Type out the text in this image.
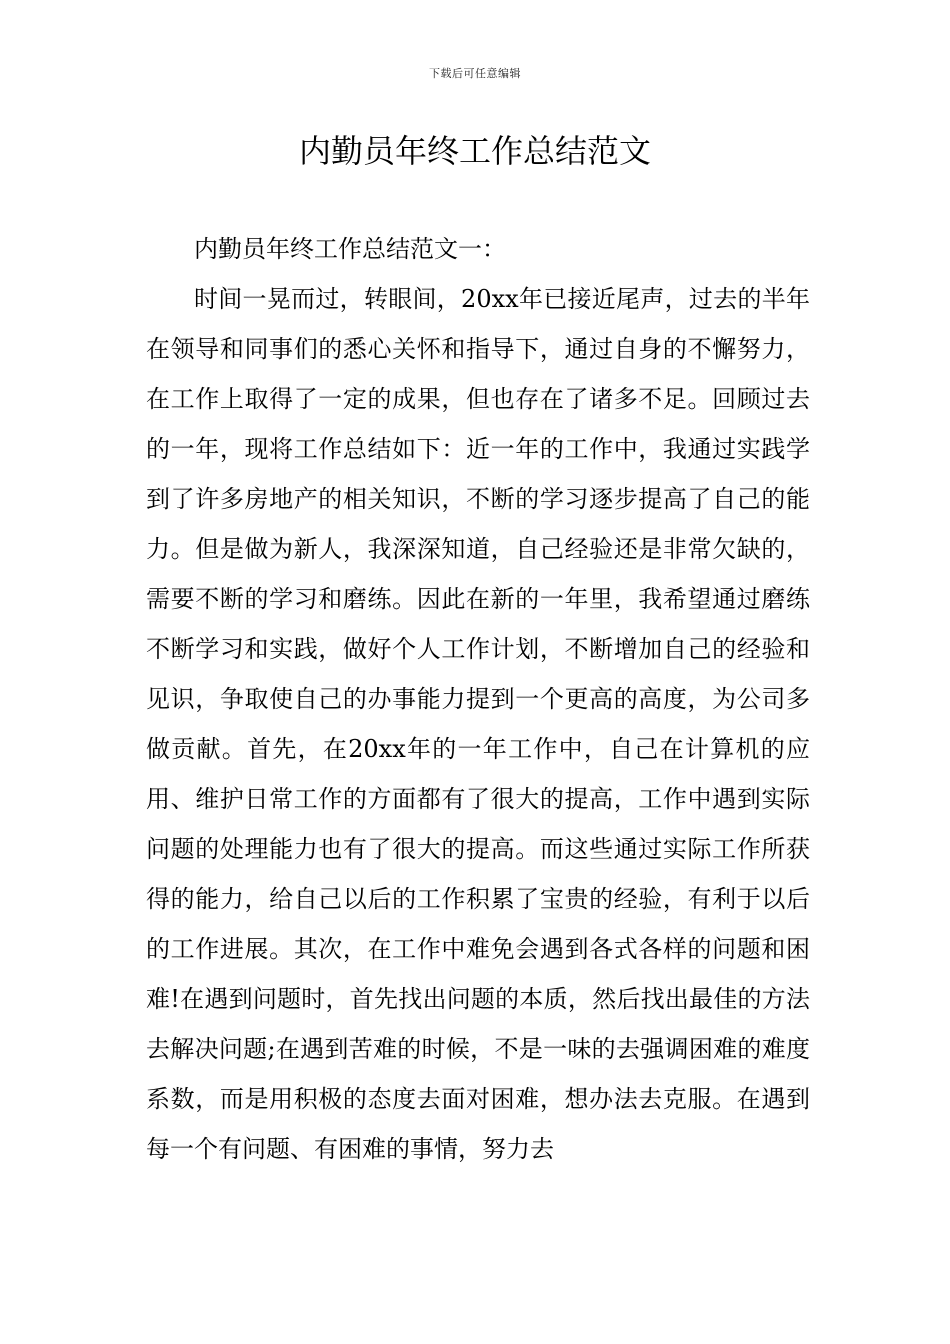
下载后可任意编辑
内勤员年终工作总结范文

内勤员年终工作总结范文一：

时间一晃而过，转眼间，20xx年已接近尾声，过去的半年在领导和同事们的悉心关怀和指导下，通过自身的不懈努力，在工作上取得了一定的成果，但也存在了诸多不足。回顾过去的一年，现将工作总结如下：近一年的工作中，我通过实践学到了许多房地产的相关知识，不断的学习逐步提高了自己的能力。但是做为新人，我深深知道，自己经验还是非常欠缺的，需要不断的学习和磨练。因此在新的一年里，我希望通过磨练不断学习和实践，做好个人工作计划，不断增加自己的经验和见识，争取使自己的办事能力提到一个更高的高度，为公司多做贡献。首先，在20xx年的一年工作中，自己在计算机的应用、维护日常工作的方面都有了很大的提高，工作中遇到实际问题的处理能力也有了很大的提高。而这些通过实际工作所获得的能力，给自己以后的工作积累了宝贵的经验，有利于以后的工作进展。其次，在工作中难免会遇到各式各样的问题和困难!在遇到问题时，首先找出问题的本质，然后找出最佳的方法去解决问题;在遇到苦难的时候，不是一味的去强调困难的难度系数，而是用积极的态度去面对困难，想办法去克服。在遇到每一个有问题、有困难的事情，努力去
